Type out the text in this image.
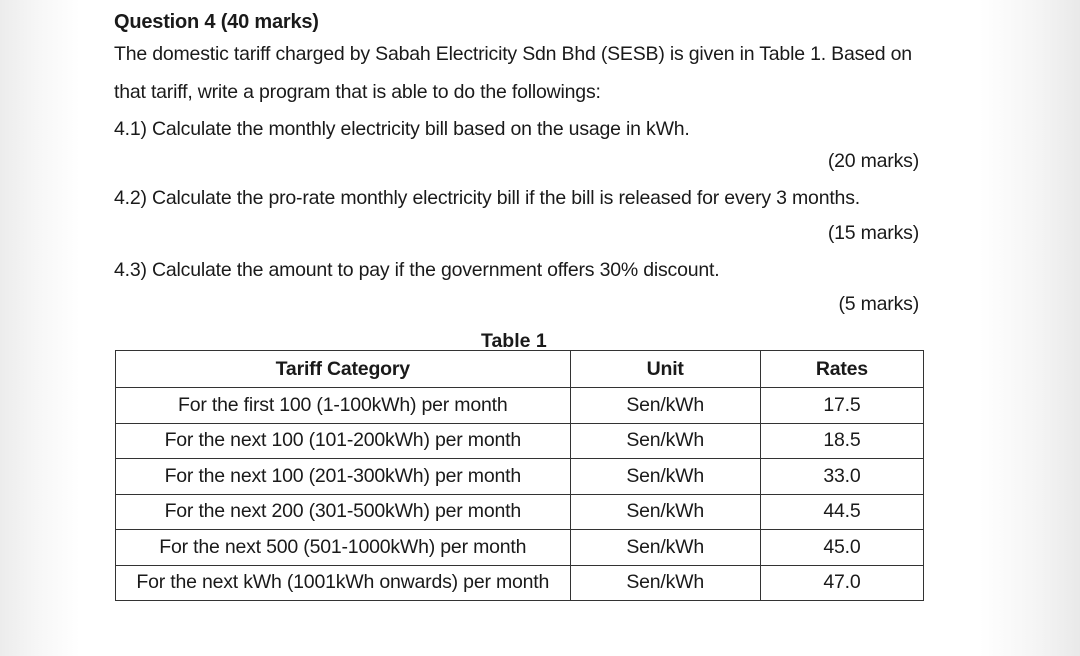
Question 4 (40 marks)
The domestic tariff charged by Sabah Electricity Sdn Bhd (SESB) is given in Table 1. Based on
that tariff, write a program that is able to do the followings:
4.1) Calculate the monthly electricity bill based on the usage in kWh.
(20 marks)
4.2) Calculate the pro-rate monthly electricity bill if the bill is released for every 3 months.
(15 marks)
4.3) Calculate the amount to pay if the government offers 30% discount.
(5 marks)
Table 1
Tariff Category	Unit	Rates
For the first 100 (1-100kWh) per month	Sen/kWh	17.5
For the next 100 (101-200kWh) per month	Sen/kWh	18.5
For the next 100 (201-300kWh) per month	Sen/kWh	33.0
For the next 200 (301-500kWh) per month	Sen/kWh	44.5
For the next 500 (501-1000kWh) per month	Sen/kWh	45.0
For the next kWh (1001kWh onwards) per month	Sen/kWh	47.0
